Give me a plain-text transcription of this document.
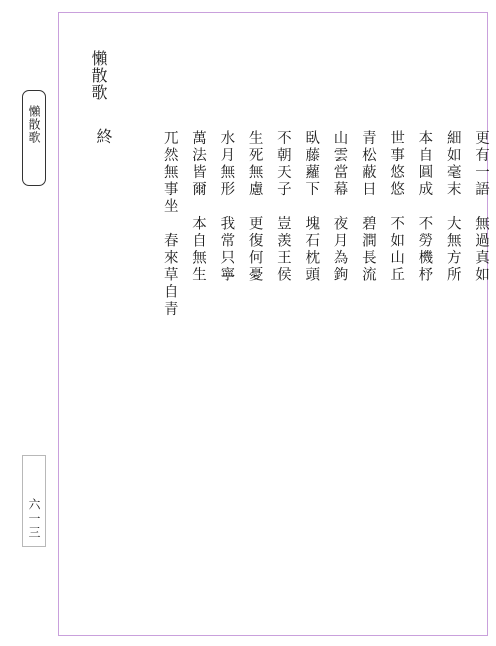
懶散歌
六一三
懶散歌
終	更有一語　無過真如
細如毫末　大無方所
本自圓成　不勞機杼
世事悠悠　不如山丘
青松蔽日　碧澗長流
山雲當幕　夜月為鉤
臥藤蘿下　塊石枕頭
不朝天子　豈羡王侯
生死無慮　更復何憂
水月無形　我常只寧
萬法皆爾　本自無生
兀然無事坐　春來草自青
